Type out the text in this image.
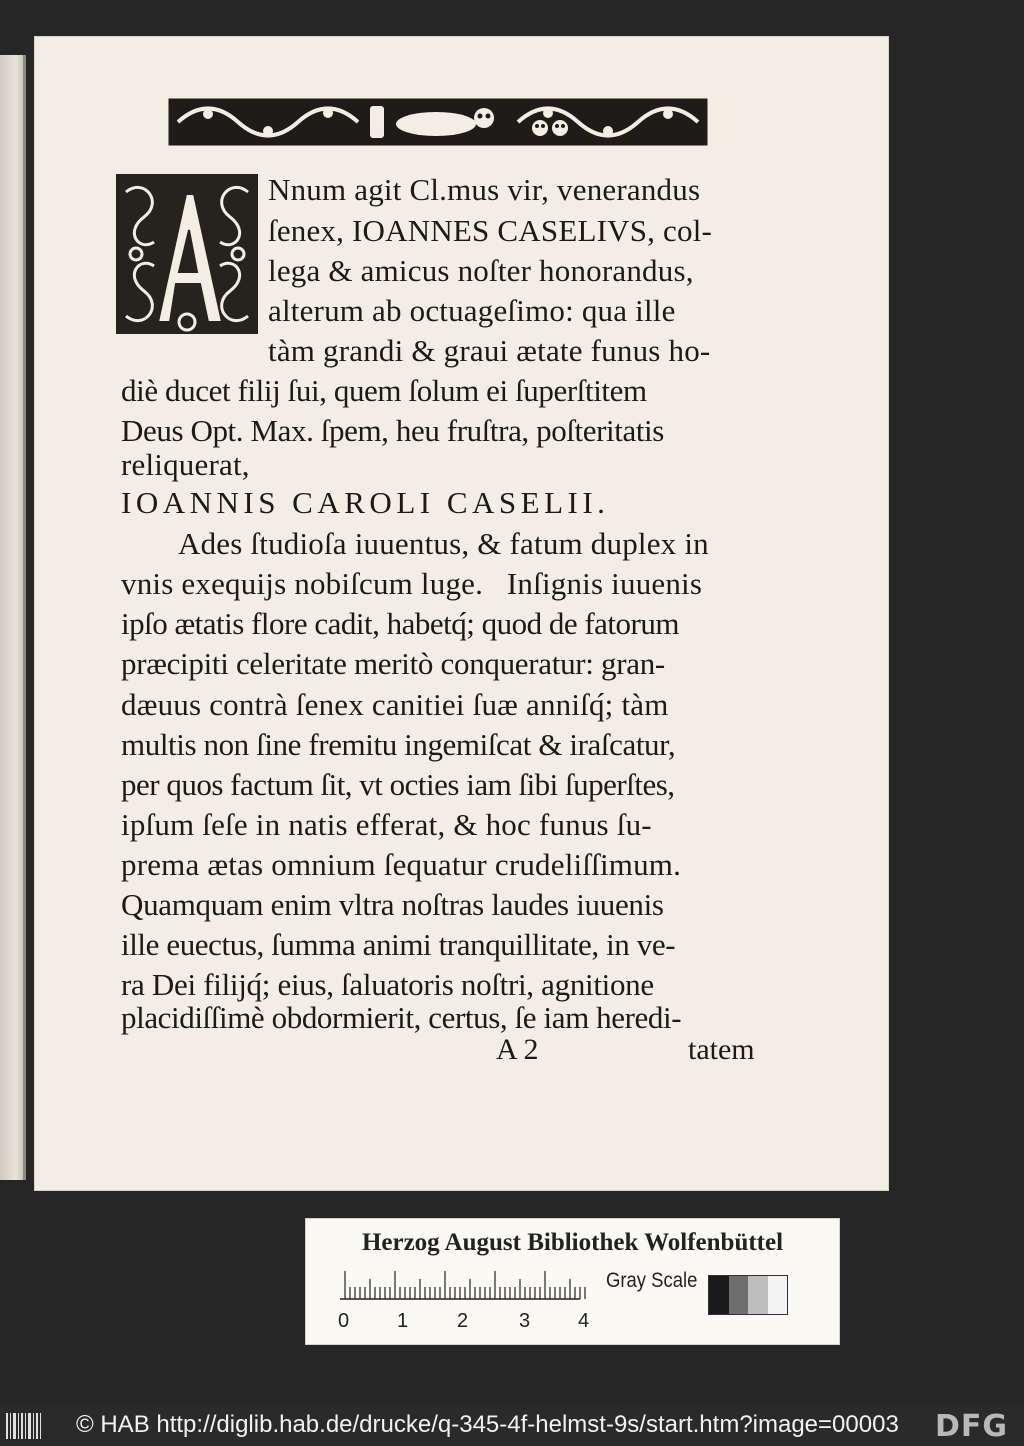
Nnum agit Cl.mus vir, venerandus
ſenex, IOANNES CASELIVS, col-
lega & amicus noſter honorandus,
alterum ab octuageſimo: qua ille
tàm grandi & graui ætate funus ho-
diè ducet filij ſui, quem ſolum ei ſuperſtitem
Deus Opt. Max. ſpem, heu fruſtra, poſteritatis
reliquerat,
IOANNIS CAROLI CASELII.
Ades ſtudioſa iuuentus, & fatum duplex in
vnis exequijs nobiſcum luge.   Inſignis iuuenis
ipſo ætatis flore cadit, habetq́; quod de fatorum
præcipiti celeritate meritò conqueratur: gran-
dæuus contrà ſenex canitiei ſuæ anniſq́; tàm
multis non ſine fremitu ingemiſcat & iraſcatur,
per quos factum ſit, vt octies iam ſibi ſuperſtes,
ipſum ſeſe in natis efferat, & hoc funus ſu-
prema ætas omnium ſequatur crudeliſſimum.
Quamquam enim vltra noſtras laudes iuuenis
ille euectus, ſumma animi tranquillitate, in ve-
ra Dei filijq́; eius, ſaluatoris noſtri, agnitione
placidiſſimè obdormierit, certus, ſe iam heredi-
A 2	tatem
Herzog August Bibliothek Wolfenbüttel
0 1 2	3 4
Gray Scale
© HAB http://diglib.hab.de/drucke/q-345-4f-helmst-9s/start.htm?image=00003 DFG
